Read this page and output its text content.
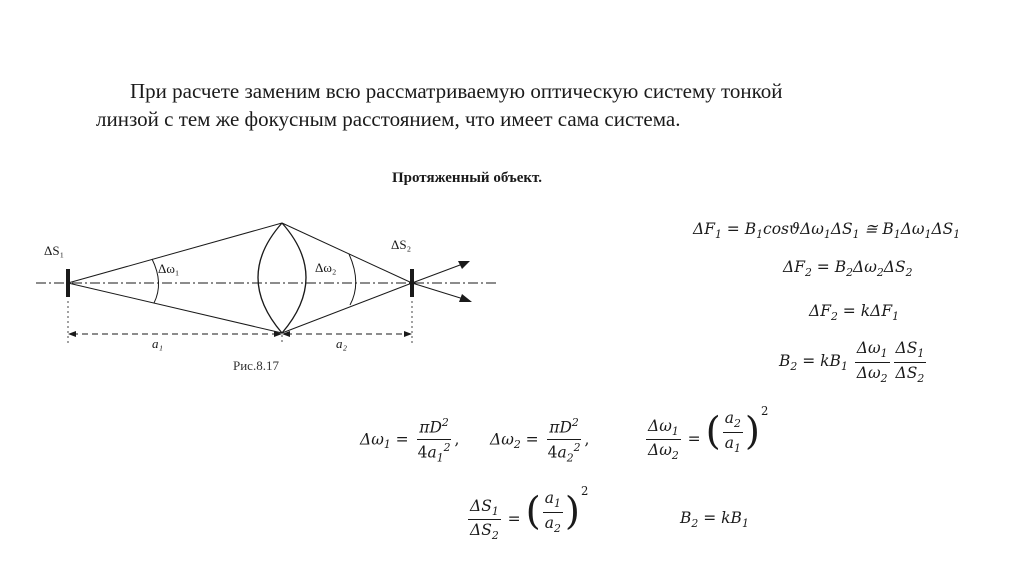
При расчете заменим всю рассматриваемую оптическую систему тонкой
линзой с тем же фокусным расстоянием, что имеет сама система.
Протяженный объект.
ΔS₁	ΔS₂
Δω₁	Δω₂
a₁	a₂
Рис.8.17
$\Delta F_1 = B_1\cos ϑ\Delta\omega_1\Delta S_1$ ≅ $B_1\Delta\omega_1\Delta S_1$
$\Delta F_2 = B_2\Delta\omega_2\Delta S_2$
$\Delta F_2 = k\Delta F_1$
$B_2 = kB_1 \frac{\Delta\omega_1}{\Delta\omega_2} \frac{\Delta S_1}{\Delta S_2}$
$\Delta\omega_1 = \frac{\pi D^2}{4a_1^2}$ , $\Delta\omega_2 = \frac{\pi D^2}{4a_2^2}$ ,	$\frac{\Delta\omega_1}{\Delta\omega_2}$ = ( $\frac{a_2}{a_1}$ ) 2
$\frac{\Delta S_1}{\Delta S_2}$ = ( $\frac{a_1}{a_2}$ ) 2
$B_2 = kB_1$
